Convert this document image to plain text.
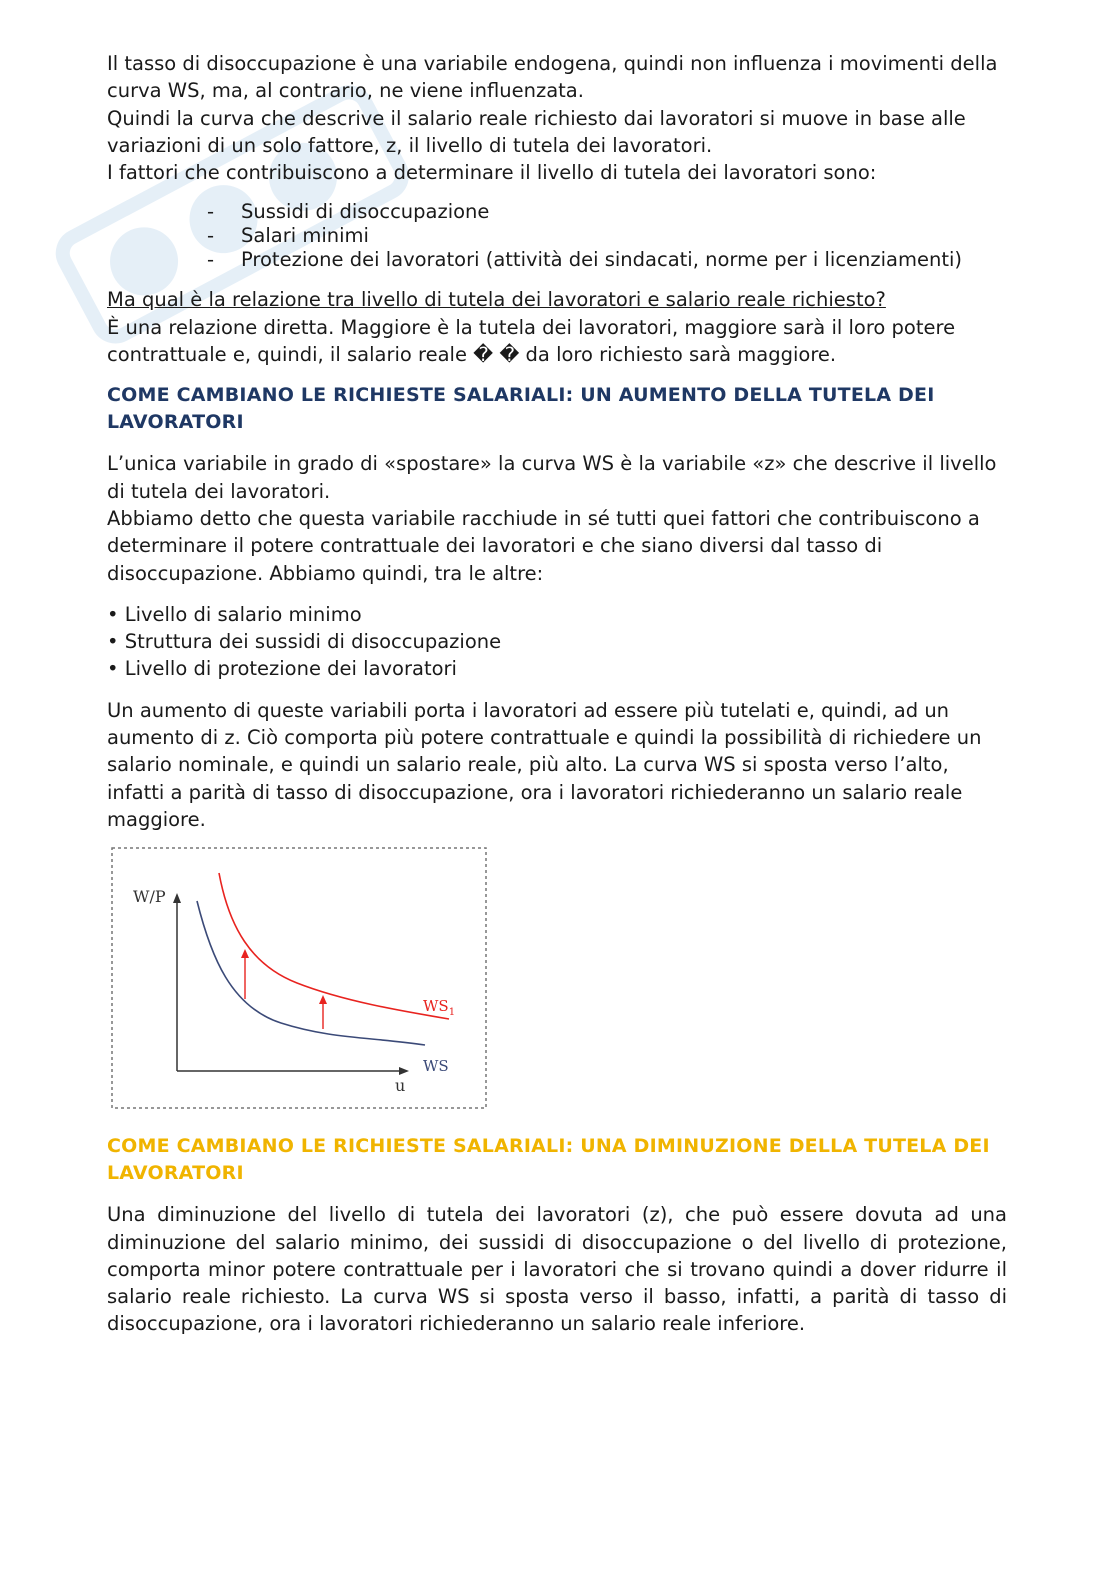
Il tasso di disoccupazione è una variabile endogena, quindi non influenza i movimenti della curva WS, ma, al contrario, ne viene influenzata.

Quindi la curva che descrive il salario reale richiesto dai lavoratori si muove in base alle variazioni di un solo fattore, z, il livello di tutela dei lavoratori.

I fattori che contribuiscono a determinare il livello di tutela dei lavoratori sono:

- Sussidi di disoccupazione
- Salari minimi
- Protezione dei lavoratori (attività dei sindacati, norme per i licenziamenti)

Ma qual è la relazione tra livello di tutela dei lavoratori e salario reale richiesto?

È una relazione diretta. Maggiore è la tutela dei lavoratori, maggiore sarà il loro potere contrattuale e, quindi, il salario reale � � da loro richiesto sarà maggiore.

COME CAMBIANO LE RICHIESTE SALARIALI: UN AUMENTO DELLA TUTELA DEI LAVORATORI

L’unica variabile in grado di «spostare» la curva WS è la variabile «z» che descrive il livello di tutela dei lavoratori.

Abbiamo detto che questa variabile racchiude in sé tutti quei fattori che contribuiscono a determinare il potere contrattuale dei lavoratori e che siano diversi dal tasso di disoccupazione. Abbiamo quindi, tra le altre:

• Livello di salario minimo
• Struttura dei sussidi di disoccupazione
• Livello di protezione dei lavoratori

Un aumento di queste variabili porta i lavoratori ad essere più tutelati e, quindi, ad un aumento di z. Ciò comporta più potere contrattuale e quindi la possibilità di richiedere un salario nominale, e quindi un salario reale, più alto. La curva WS si sposta verso l’alto, infatti a parità di tasso di disoccupazione, ora i lavoratori richiederanno un salario reale maggiore.

W/P
u
$WS_1$
WS
COME CAMBIANO LE RICHIESTE SALARIALI: UNA DIMINUZIONE DELLA TUTELA DEI LAVORATORI

Una diminuzione del livello di tutela dei lavoratori (z), che può essere dovuta ad una diminuzione del salario minimo, dei sussidi di disoccupazione o del livello di protezione, comporta minor potere contrattuale per i lavoratori che si trovano quindi a dover ridurre il salario reale richiesto. La curva WS si sposta verso il basso, infatti, a parità di tasso di disoccupazione, ora i lavoratori richiederanno un salario reale inferiore.
